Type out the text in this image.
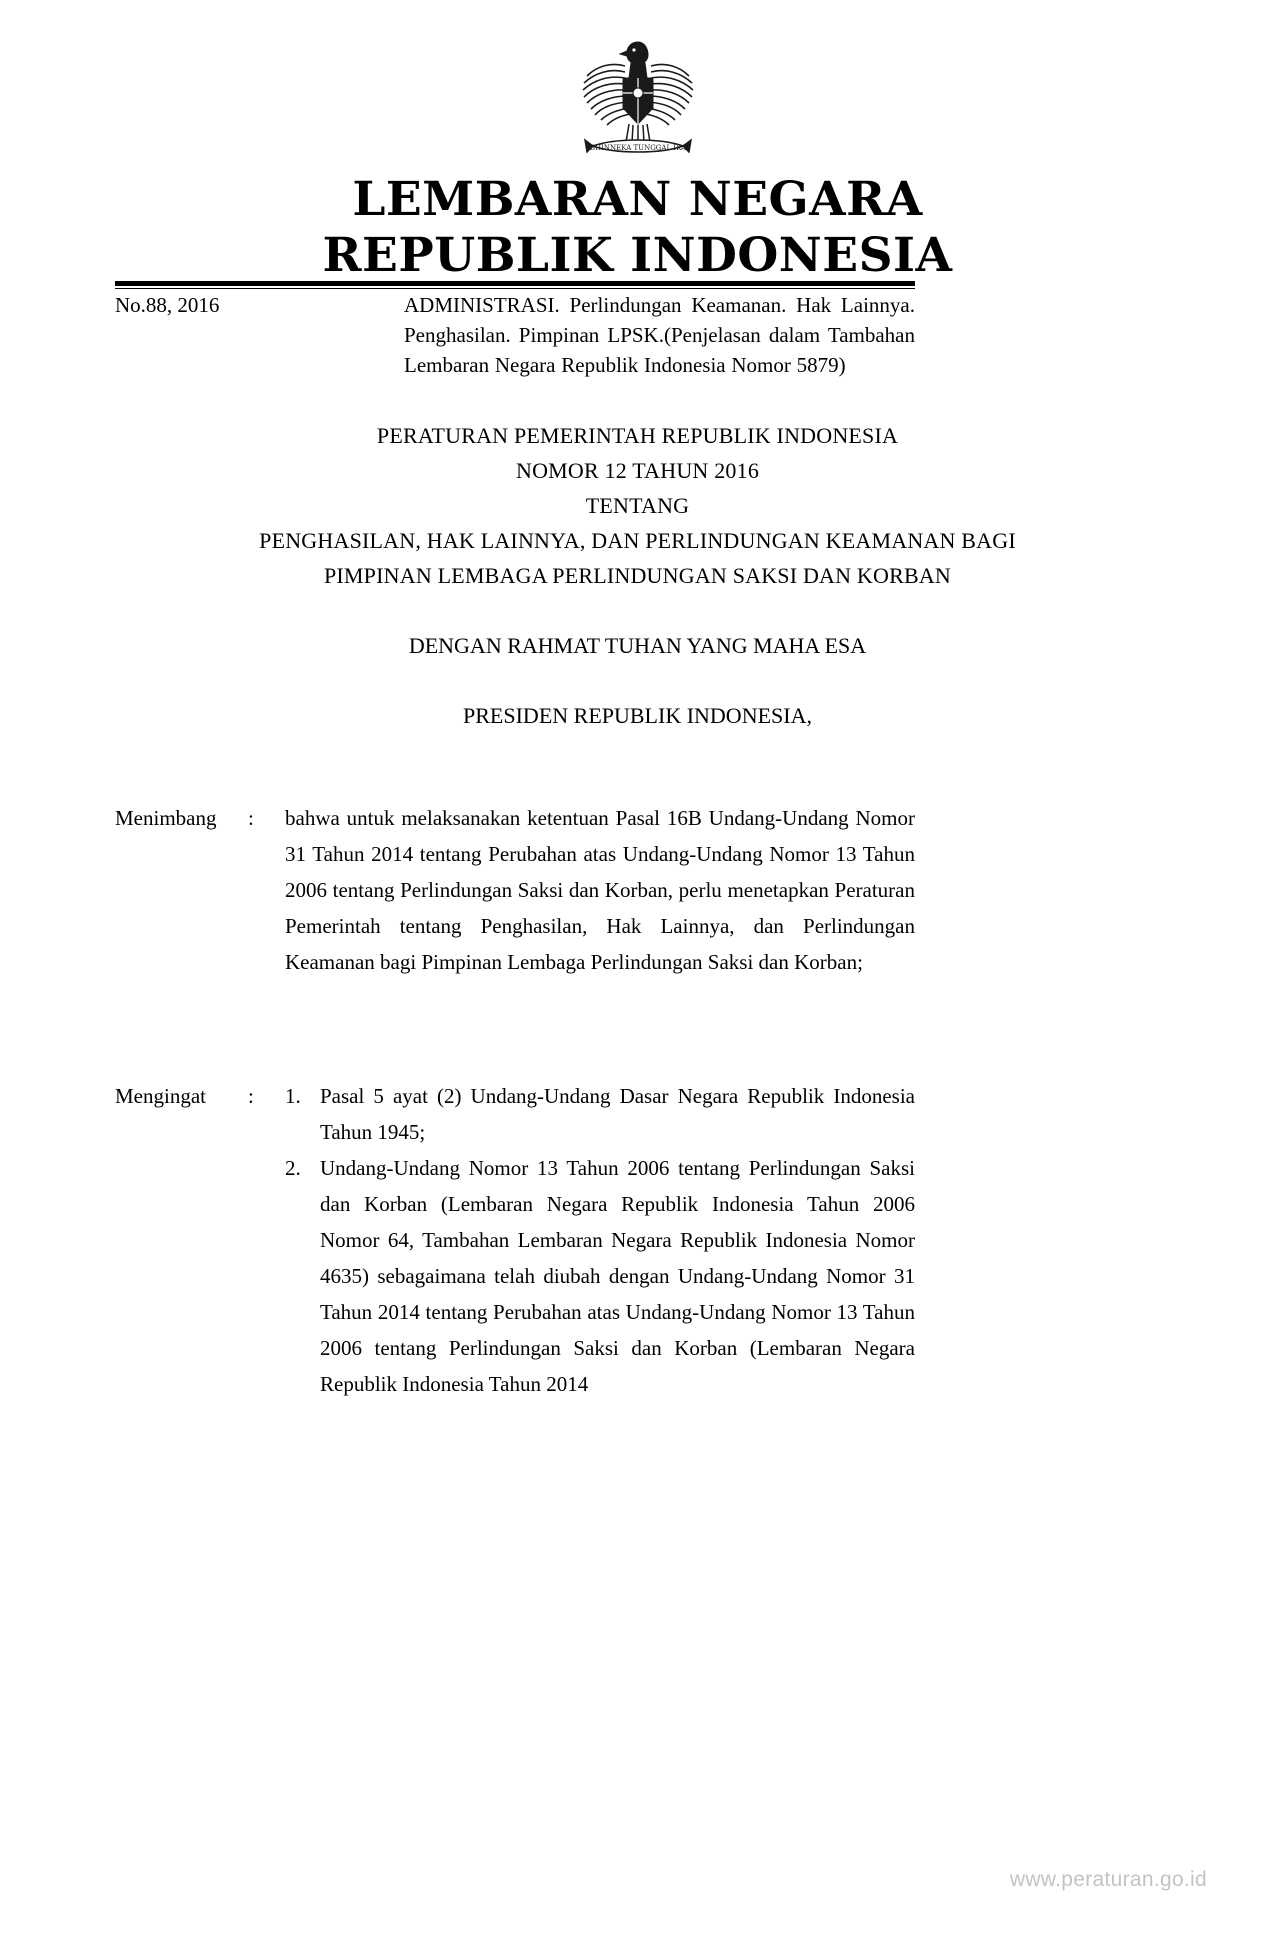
BHINNEKA TUNGGAL IKA
LEMBARAN NEGARA
REPUBLIK INDONESIA
No.88, 2016	ADMINISTRASI. Perlindungan Keamanan. Hak Lainnya. Penghasilan. Pimpinan LPSK.(Penjelasan dalam Tambahan Lembaran Negara Republik Indonesia Nomor 5879)
PERATURAN PEMERINTAH REPUBLIK INDONESIA
NOMOR 12 TAHUN 2016
TENTANG
PENGHASILAN, HAK LAINNYA, DAN PERLINDUNGAN KEAMANAN BAGI
PIMPINAN LEMBAGA PERLINDUNGAN SAKSI DAN KORBAN
DENGAN RAHMAT TUHAN YANG MAHA ESA
PRESIDEN REPUBLIK INDONESIA,
Menimbang	: bahwa untuk melaksanakan ketentuan Pasal 16B Undang-Undang Nomor 31 Tahun 2014 tentang Perubahan atas Undang-Undang Nomor 13 Tahun 2006 tentang Perlindungan Saksi dan Korban, perlu menetapkan Peraturan Pemerintah tentang Penghasilan, Hak Lainnya, dan Perlindungan Keamanan bagi Pimpinan Lembaga Perlindungan Saksi dan Korban;
Mengingat	: 1. Pasal 5 ayat (2) Undang-Undang Dasar Negara Republik Indonesia Tahun 1945;
2. Undang-Undang Nomor 13 Tahun 2006 tentang Perlindungan Saksi dan Korban (Lembaran Negara Republik Indonesia Tahun 2006 Nomor 64, Tambahan Lembaran Negara Republik Indonesia Nomor 4635) sebagaimana telah diubah dengan Undang-Undang Nomor 31 Tahun 2014 tentang Perubahan atas Undang-Undang Nomor 13 Tahun 2006 tentang Perlindungan Saksi dan Korban (Lembaran Negara Republik Indonesia Tahun 2014
www.peraturan.go.id
